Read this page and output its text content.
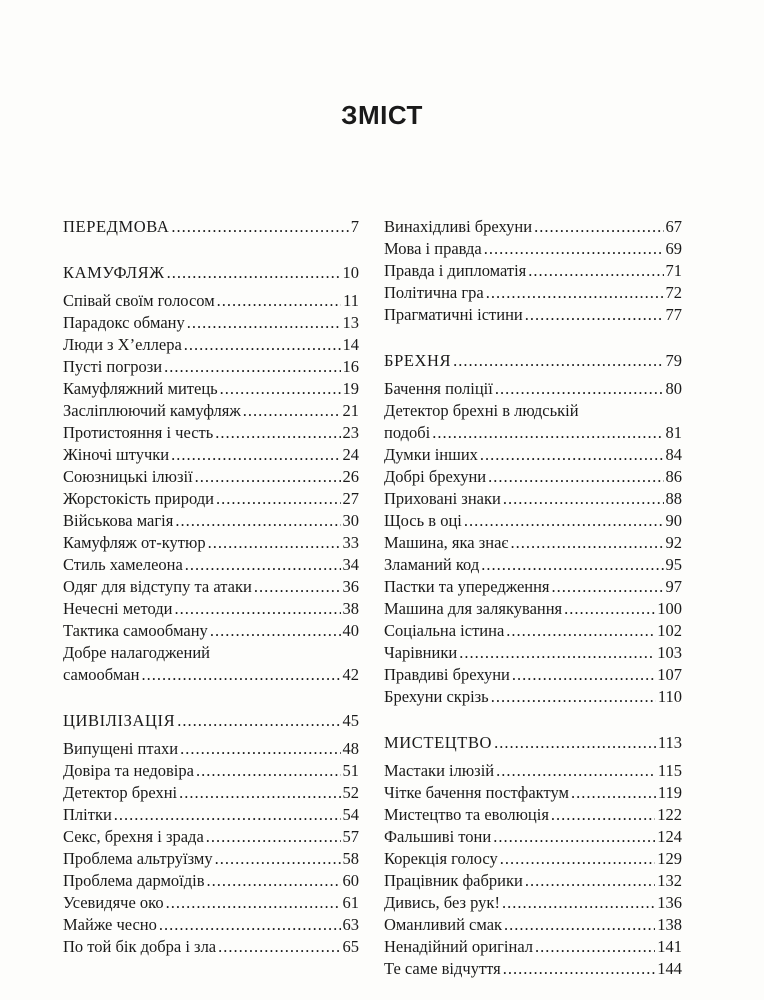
ЗМІСТ
ПЕРЕДМОВА .....	7
КАМУФЛЯЖ .....	10
Співай своїм голосом .....	11
Парадокс обману .....	13
Люди з Х’еллера .....	14
Пусті погрози .....	16
Камуфляжний митець .....	19
Засліплюючий камуфляж .....	21
Протистояння і честь .....	23
Жіночі штучки .....	24
Союзницькі ілюзії .....	26
Жорстокість природи .....	27
Військова магія .....	30
Камуфляж от-кутюр .....	33
Стиль хамелеона .....	34
Одяг для відступу та атаки .....	36
Нечесні методи .....	38
Тактика самообману .....	40
Добре налагоджений
самообман .....	42
ЦИВІЛІЗАЦІЯ .....	45
Випущені птахи .....	48
Довіра та недовіра .....	51
Детектор брехні .....	52
Плітки .....	54
Секс, брехня і зрада .....	57
Проблема альтруїзму .....	58
Проблема дармоїдів .....	60
Усевидяче око .....	61
Майже чесно .....	63
По той бік добра і зла .....	65
Винахідливі брехуни .....	67
Мова і правда .....	69
Правда і дипломатія .....	71
Політична гра .....	72
Прагматичні істини .....	77
БРЕХНЯ .....	79
Бачення поліції .....	80
Детектор брехні в людській
подобі .....	81
Думки інших .....	84
Добрі брехуни .....	86
Приховані знаки .....	88
Щось в оці .....	90
Машина, яка знає .....	92
Зламаний код .....	95
Пастки та упередження .....	97
Машина для залякування .....	100
Соціальна істина .....	102
Чарівники .....	103
Правдиві брехуни .....	107
Брехуни скрізь .....	110
МИСТЕЦТВО .....	113
Мастаки ілюзій .....	115
Чітке бачення постфактум .....	119
Мистецтво та еволюція .....	122
Фальшиві тони .....	124
Корекція голосу .....	129
Працівник фабрики .....	132
Дивись, без рук! .....	136
Оманливий смак .....	138
Ненадійний оригінал .....	141
Те саме відчуття .....	144
